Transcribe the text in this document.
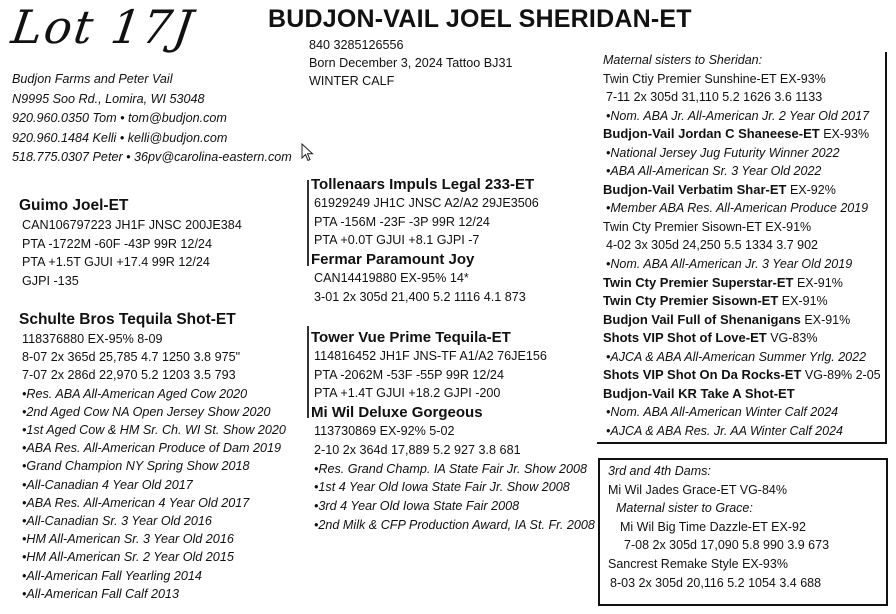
Lot 17J	BUDJON-VAIL JOEL SHERIDAN-ET
Budjon Farms and Peter Vail
N9995 Soo Rd., Lomira, WI 53048
920.960.0350 Tom • tom@budjon.com
920.960.1484 Kelli • kelli@budjon.com
518.775.0307 Peter • 36pv@carolina-eastern.com
840 3285126556
Born December 3, 2024 Tattoo BJ31
WINTER CALF
Guimo Joel-ET
CAN106797223 JH1F JNSC 200JE384
PTA -1722M -60F -43P 99R 12/24
PTA +1.5T GJUI +17.4 99R 12/24
GJPI -135
Schulte Bros Tequila Shot-ET
118376880 EX-95% 8-09
8-07 2x 365d 25,785 4.7 1250 3.8 975"
7-07 2x 286d 22,970 5.2 1203 3.5 793
•Res. ABA All-American Aged Cow 2020
•2nd Aged Cow NA Open Jersey Show 2020
•1st Aged Cow & HM Sr. Ch. WI St. Show 2020
•ABA Res. All-American Produce of Dam 2019
•Grand Champion NY Spring Show 2018
•All-Canadian 4 Year Old 2017
•ABA Res. All-American 4 Year Old 2017
•All-Canadian Sr. 3 Year Old 2016
•HM All-American Sr. 3 Year Old 2016
•HM All-American Sr. 2 Year Old 2015
•All-American Fall Yearling 2014
•All-American Fall Calf 2013
Tollenaars Impuls Legal 233-ET
61929249 JH1C JNSC A2/A2 29JE3506
PTA -156M -23F -3P 99R 12/24
PTA +0.0T GJUI +8.1 GJPI -7
Fermar Paramount Joy
CAN14419880 EX-95% 14*
3-01 2x 305d 21,400 5.2 1116 4.1 873
Tower Vue Prime Tequila-ET
114816452 JH1F JNS-TF A1/A2 76JE156
PTA -2062M -53F -55P 99R 12/24
PTA +1.4T GJUI +18.2 GJPI -200
Mi Wil Deluxe Gorgeous
113730869 EX-92% 5-02
2-10 2x 364d 17,889 5.2 927 3.8 681
•Res. Grand Champ. IA State Fair Jr. Show 2008
•1st 4 Year Old Iowa State Fair Jr. Show 2008
•3rd 4 Year Old Iowa State Fair 2008
•2nd Milk & CFP Production Award, IA St. Fr. 2008
Maternal sisters to Sheridan:
Twin Ctiy Premier Sunshine-ET EX-93%
7-11 2x 305d 31,110 5.2 1626 3.6 1133
•Nom. ABA Jr. All-American Jr. 2 Year Old 2017
Budjon-Vail Jordan C Shaneese-ET EX-93%
•National Jersey Jug Futurity Winner 2022
•ABA All-American Sr. 3 Year Old 2022
Budjon-Vail Verbatim Shar-ET EX-92%
•Member ABA Res. All-American Produce 2019
Twin Cty Premier Sisown-ET EX-91%
4-02 3x 305d 24,250 5.5 1334 3.7 902
•Nom. ABA All-American Jr. 3 Year Old 2019
Twin Cty Premier Superstar-ET EX-91%
Twin Cty Premier Sisown-ET EX-91%
Budjon Vail Full of Shenanigans EX-91%
Shots VIP Shot of Love-ET VG-83%
•AJCA & ABA All-American Summer Yrlg. 2022
Shots VIP Shot On Da Rocks-ET VG-89% 2-05
Budjon-Vail KR Take A Shot-ET
•Nom. ABA All-American Winter Calf 2024
•AJCA & ABA Res. Jr. AA Winter Calf 2024
3rd and 4th Dams:
Mi Wil Jades Grace-ET VG-84%
Maternal sister to Grace:
Mi Wil Big Time Dazzle-ET EX-92
7-08 2x 305d 17,090 5.8 990 3.9 673
Sancrest Remake Style EX-93%
8-03 2x 305d 20,116 5.2 1054 3.4 688
